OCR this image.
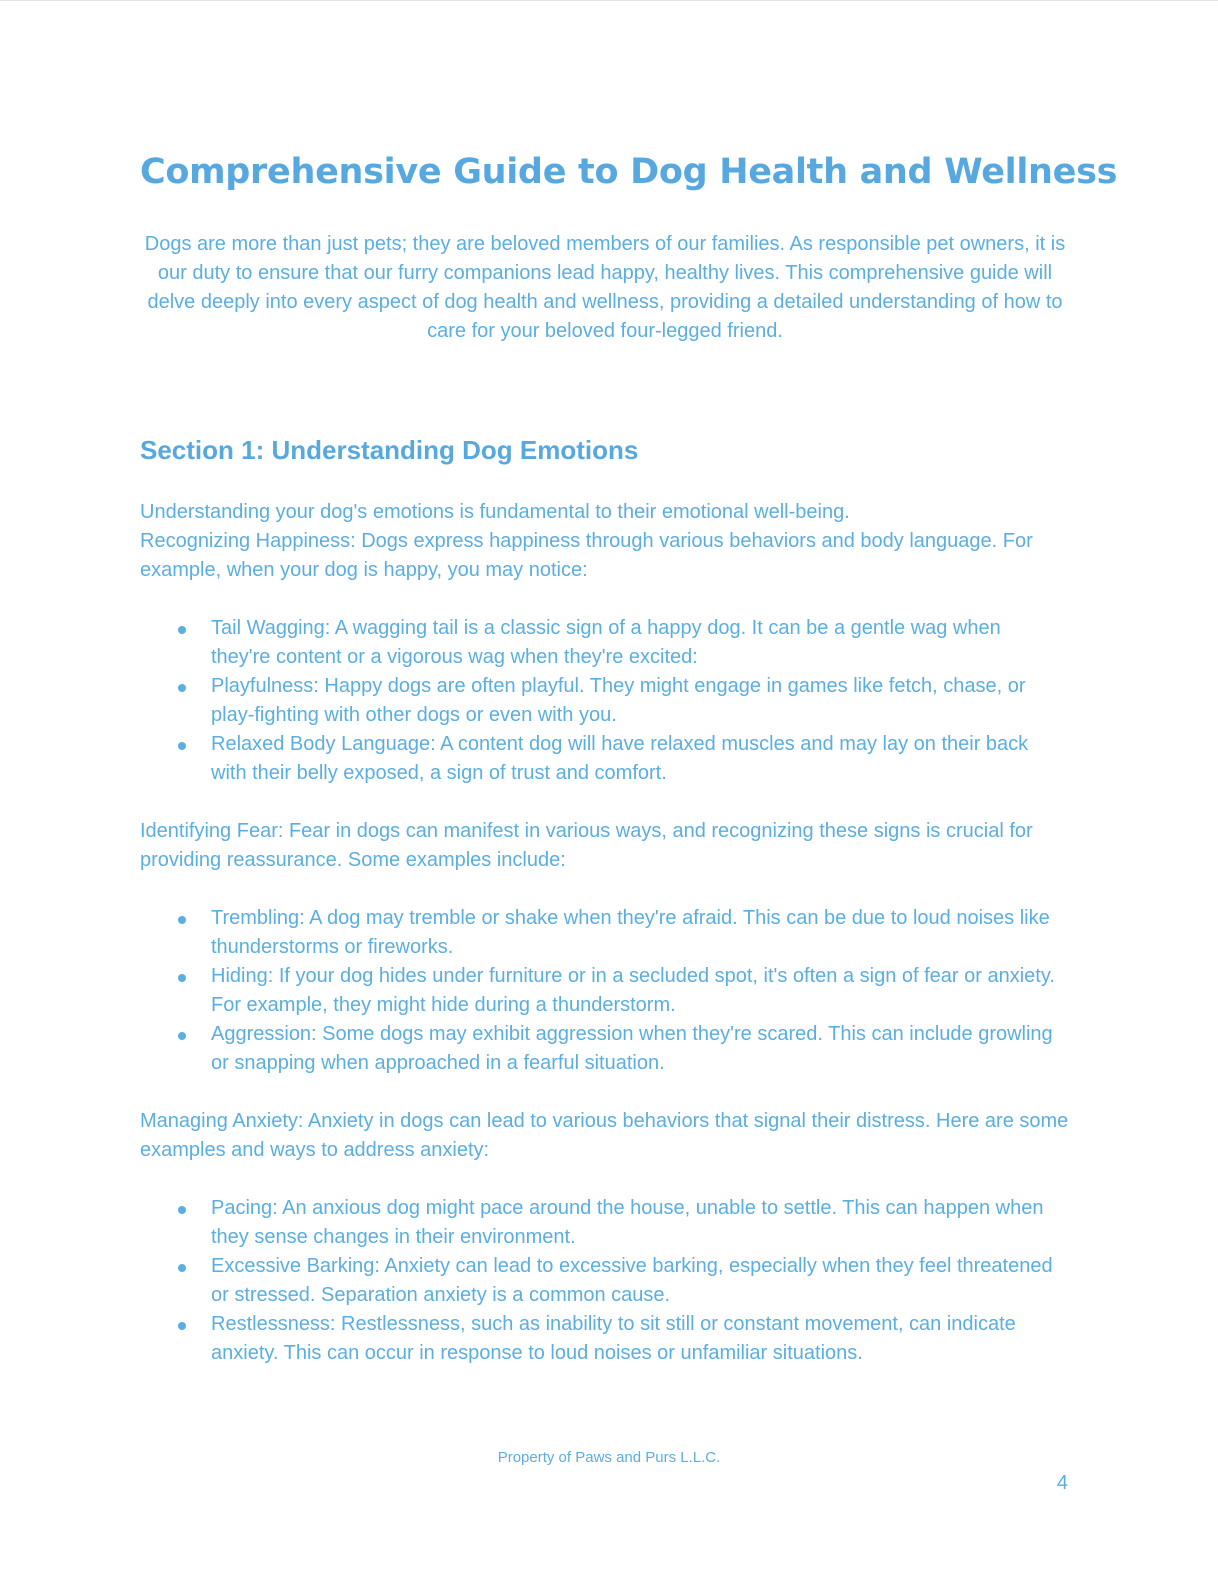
Comprehensive Guide to Dog Health and Wellness

Dogs are more than just pets; they are beloved members of our families. As responsible pet owners, it is our duty to ensure that our furry companions lead happy, healthy lives. This comprehensive guide will delve deeply into every aspect of dog health and wellness, providing a detailed understanding of how to care for your beloved four-legged friend.

Section 1: Understanding Dog Emotions

Understanding your dog's emotions is fundamental to their emotional well-being.

Recognizing Happiness: Dogs express happiness through various behaviors and body language. For example, when your dog is happy, you may notice:

Tail Wagging: A wagging tail is a classic sign of a happy dog. It can be a gentle wag when they're content or a vigorous wag when they're excited:
Playfulness: Happy dogs are often playful. They might engage in games like fetch, chase, or play-fighting with other dogs or even with you.
Relaxed Body Language: A content dog will have relaxed muscles and may lay on their back with their belly exposed, a sign of trust and comfort.

Identifying Fear: Fear in dogs can manifest in various ways, and recognizing these signs is crucial for providing reassurance. Some examples include:

Trembling: A dog may tremble or shake when they're afraid. This can be due to loud noises like thunderstorms or fireworks.
Hiding: If your dog hides under furniture or in a secluded spot, it's often a sign of fear or anxiety. For example, they might hide during a thunderstorm.
Aggression: Some dogs may exhibit aggression when they're scared. This can include growling or snapping when approached in a fearful situation.

Managing Anxiety: Anxiety in dogs can lead to various behaviors that signal their distress. Here are some examples and ways to address anxiety:

Pacing: An anxious dog might pace around the house, unable to settle. This can happen when they sense changes in their environment.
Excessive Barking: Anxiety can lead to excessive barking, especially when they feel threatened or stressed. Separation anxiety is a common cause.
Restlessness: Restlessness, such as inability to sit still or constant movement, can indicate anxiety. This can occur in response to loud noises or unfamiliar situations.
Property of Paws and Purs L.L.C.
4
